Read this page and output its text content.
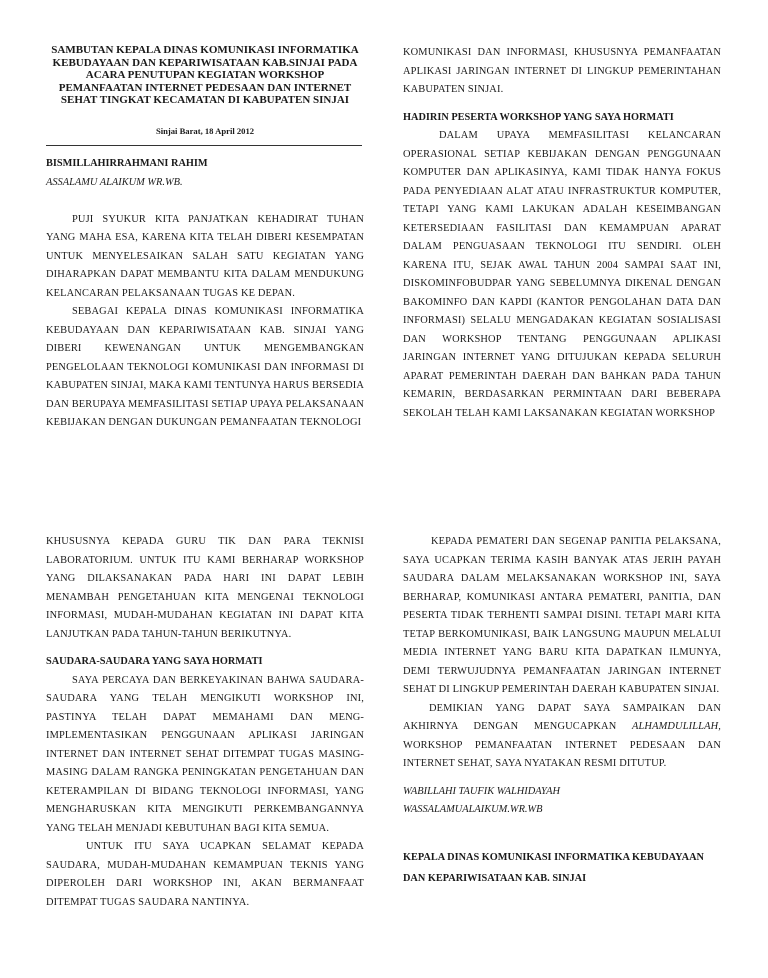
SAMBUTAN KEPALA DINAS KOMUNIKASI INFORMATIKA KEBUDAYAAN DAN KEPARIWISATAAN KAB.SINJAI PADA ACARA PENUTUPAN KEGIATAN WORKSHOP PEMANFAATAN INTERNET PEDESAAN DAN INTERNET SEHAT TINGKAT KECAMATAN DI KABUPATEN SINJAI
Sinjai Barat, 18 April 2012

BISMILLAHIRRAHMANI RAHIM

ASSALAMU ALAIKUM WR.WB.

PUJI SYUKUR KITA PANJATKAN KEHADIRAT TUHAN YANG MAHA ESA, KARENA KITA TELAH DIBERI KESEMPATAN UNTUK MENYELESAIKAN SALAH SATU KEGIATAN YANG DIHARAPKAN DAPAT MEMBANTU KITA DALAM MENDUKUNG KELANCARAN PELAKSANAAN TUGAS KE DEPAN.

SEBAGAI KEPALA DINAS KOMUNIKASI INFORMATIKA KEBUDAYAAN DAN KEPARIWISATAAN KAB. SINJAI YANG DIBERI KEWENANGAN UNTUK MENGEMBANGKAN PENGELOLAAN TEKNOLOGI KOMUNIKASI DAN INFORMASI DI KABUPATEN SINJAI, MAKA KAMI TENTUNYA HARUS BERSEDIA DAN BERUPAYA MEMFASILITASI SETIAP UPAYA PELAKSANAAN KEBIJAKAN DENGAN DUKUNGAN PEMANFAATAN TEKNOLOGI

KOMUNIKASI DAN INFORMASI, KHUSUSNYA PEMANFAATAN APLIKASI JARINGAN INTERNET DI LINGKUP PEMERINTAHAN KABUPATEN SINJAI.

HADIRIN PESERTA WORKSHOP YANG SAYA HORMATI

DALAM UPAYA MEMFASILITASI KELANCARAN OPERASIONAL SETIAP KEBIJAKAN DENGAN PENGGUNAAN KOMPUTER DAN APLIKASINYA, KAMI TIDAK HANYA FOKUS PADA PENYEDIAAN ALAT ATAU INFRASTRUKTUR KOMPUTER, TETAPI YANG KAMI LAKUKAN ADALAH KESEIMBANGAN KETERSEDIAAN FASILITASI DAN KEMAMPUAN APARAT DALAM PENGUASAAN TEKNOLOGI ITU SENDIRI. OLEH KARENA ITU, SEJAK AWAL TAHUN 2004 SAMPAI SAAT INI, DISKOMINFOBUDPAR YANG SEBELUMNYA DIKENAL DENGAN BAKOMINFO DAN KAPDI (KANTOR PENGOLAHAN DATA DAN INFORMASI) SELALU MENGADAKAN KEGIATAN SOSIALISASI DAN WORKSHOP TENTANG PENGGUNAAN APLIKASI JARINGAN INTERNET YANG DITUJUKAN KEPADA SELURUH APARAT PEMERINTAH DAERAH DAN BAHKAN PADA TAHUN KEMARIN, BERDASARKAN PERMINTAAN DARI BEBERAPA SEKOLAH TELAH KAMI LAKSANAKAN KEGIATAN WORKSHOP

KHUSUSNYA KEPADA GURU TIK DAN PARA TEKNISI LABORATORIUM. UNTUK ITU KAMI BERHARAP WORKSHOP YANG DILAKSANAKAN PADA HARI INI DAPAT LEBIH MENAMBAH PENGETAHUAN KITA MENGENAI TEKNOLOGI INFORMASI, MUDAH-MUDAHAN KEGIATAN INI DAPAT KITA LANJUTKAN PADA TAHUN-TAHUN BERIKUTNYA.

SAUDARA-SAUDARA YANG SAYA HORMATI

SAYA PERCAYA DAN BERKEYAKINAN BAHWA SAUDARA-SAUDARA YANG TELAH MENGIKUTI WORKSHOP INI, PASTINYA TELAH DAPAT MEMAHAMI DAN MENG-IMPLEMENTASIKAN PENGGUNAAN APLIKASI JARINGAN INTERNET DAN INTERNET SEHAT DITEMPAT TUGAS MASING-MASING DALAM RANGKA PENINGKATAN PENGETAHUAN DAN KETERAMPILAN DI BIDANG TEKNOLOGI INFORMASI, YANG MENGHARUSKAN KITA MENGIKUTI PERKEMBANGANNYA YANG TELAH MENJADI KEBUTUHAN BAGI KITA SEMUA.

UNTUK ITU SAYA UCAPKAN SELAMAT KEPADA SAUDARA, MUDAH-MUDAHAN KEMAMPUAN TEKNIS YANG DIPEROLEH DARI WORKSHOP INI, AKAN BERMANFAAT DITEMPAT TUGAS SAUDARA NANTINYA.

KEPADA PEMATERI DAN SEGENAP PANITIA PELAKSANA, SAYA UCAPKAN TERIMA KASIH BANYAK ATAS JERIH PAYAH SAUDARA DALAM MELAKSANAKAN WORKSHOP INI, SAYA BERHARAP, KOMUNIKASI ANTARA PEMATERI, PANITIA, DAN PESERTA TIDAK TERHENTI SAMPAI DISINI. TETAPI MARI KITA TETAP BERKOMUNIKASI, BAIK LANGSUNG MAUPUN MELALUI MEDIA INTERNET YANG BARU KITA DAPATKAN ILMUNYA, DEMI TERWUJUDNYA PEMANFAATAN JARINGAN INTERNET SEHAT DI LINGKUP PEMERINTAH DAERAH KABUPATEN SINJAI.

DEMIKIAN YANG DAPAT SAYA SAMPAIKAN DAN AKHIRNYA DENGAN MENGUCAPKAN ALHAMDULILLAH, WORKSHOP PEMANFAATAN INTERNET PEDESAAN DAN INTERNET SEHAT, SAYA NYATAKAN RESMI DITUTUP.

WABILLAHI TAUFIK WALHIDAYAH

WASSALAMUALAIKUM.WR.WB

KEPALA DINAS KOMUNIKASI INFORMATIKA KEBUDAYAAN DAN KEPARIWISATAAN KAB. SINJAI
